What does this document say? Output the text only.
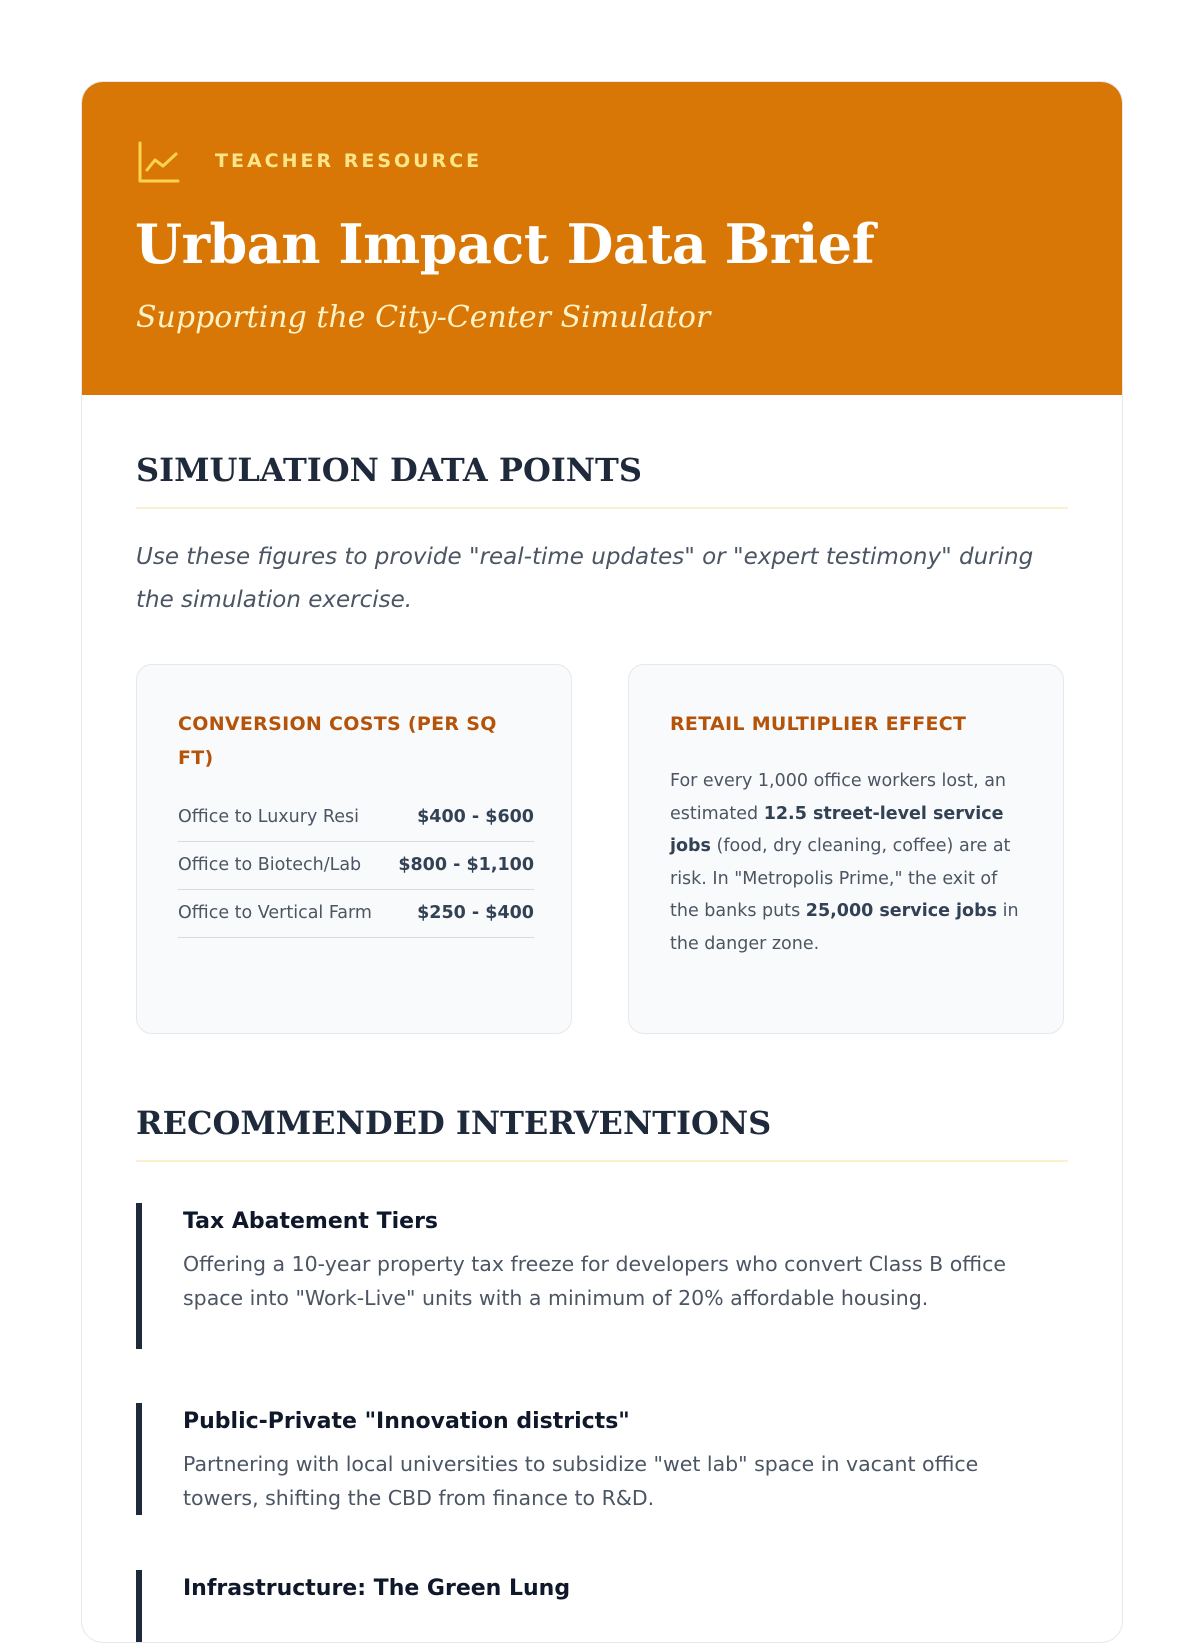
TEACHER RESOURCE
Urban Impact Data Brief

Supporting the City-Center Simulator

SIMULATION DATA POINTS

Use these figures to provide "real-time updates" or "expert testimony" during the simulation exercise.

CONVERSION COSTS (PER SQ FT)
Office to Luxury Resi	$400 - $600
Office to Biotech/Lab $800 - $1,100
Office to Vertical Farm	$250 - $400
RETAIL MULTIPLIER EFFECT

For every 1,000 office workers lost, an estimated 12.5 street-level service jobs (food, dry cleaning, coffee) are at risk. In "Metropolis Prime," the exit of the banks puts 25,000 service jobs in the danger zone.

RECOMMENDED INTERVENTIONS
Tax Abatement Tiers

Offering a 10-year property tax freeze for developers who convert Class B office space into "Work-Live" units with a minimum of 20% affordable housing.

Public-Private "Innovation districts"

Partnering with local universities to subsidize "wet lab" space in vacant office towers, shifting the CBD from finance to R&D.

Infrastructure: The Green Lung
